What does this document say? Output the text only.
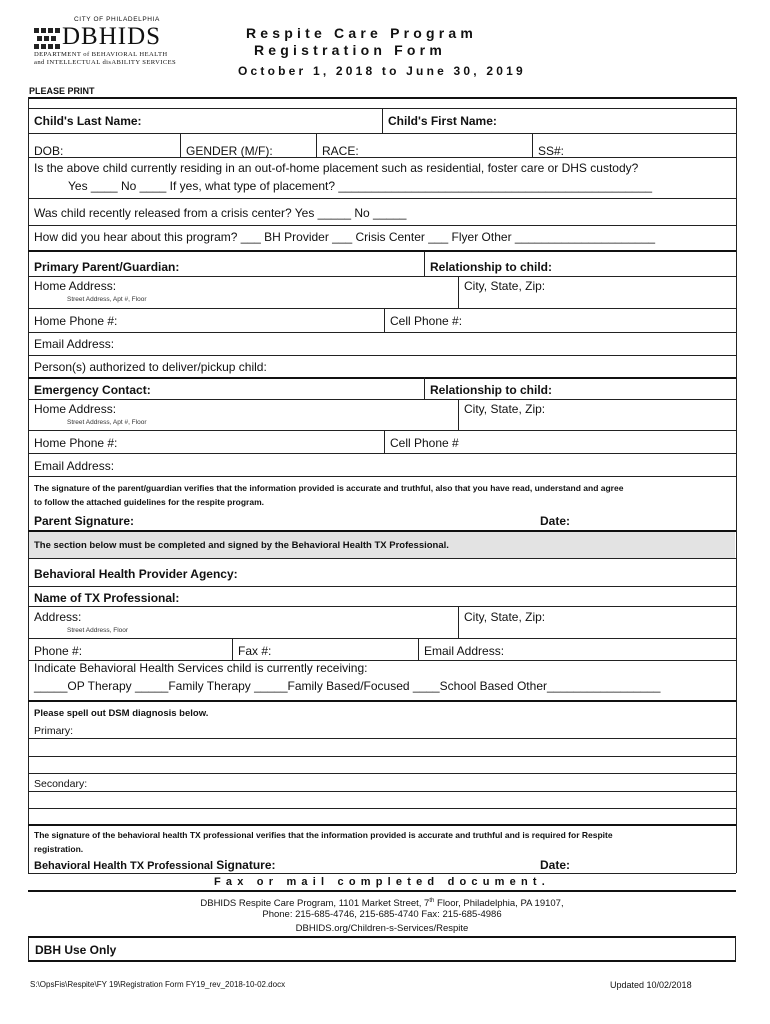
CITY OF PHILADELPHIA
DBHIDS
DEPARTMENT of BEHAVIORAL HEALTH
and INTELLECTUAL disABILITY SERVICES
Respite Care Program
Registration Form
October 1, 2018 to June 30, 2019
PLEASE PRINT
Child's Last Name:	Child's First Name:
DOB:	GENDER (M/F):	RACE:	SS#:
Is the above child currently residing in an out-of-home placement such as residential, foster care or DHS custody?
Yes ____ No ____ If yes, what type of placement? _______________________________________________
Was child recently released from a crisis center? Yes _____ No _____
How did you hear about this program? ___ BH Provider ___ Crisis Center ___ Flyer Other _____________________
Primary Parent/Guardian:	Relationship to child:
Home Address:	City, State, Zip:
Street Address, Apt #, Floor
Home Phone #:	Cell Phone #:
Email Address:
Person(s) authorized to deliver/pickup child:
Emergency Contact:	Relationship to child:
Home Address:	City, State, Zip:
Street Address, Apt #, Floor
Home Phone #:	Cell Phone #
Email Address:
The signature of the parent/guardian verifies that the information provided is accurate and truthful, also that you have read, understand and agree
to follow the attached guidelines for the respite program.
Parent Signature:	Date:
The section below must be completed and signed by the Behavioral Health TX Professional.
Behavioral Health Provider Agency:
Name of TX Professional:
Address:	City, State, Zip:
Street Address, Floor
Phone #:	Fax #:	Email Address:
Indicate Behavioral Health Services child is currently receiving:
_____OP Therapy _____Family Therapy _____Family Based/Focused ____School Based Other_________________
Please spell out DSM diagnosis below.
Primary:
Secondary:
The signature of the behavioral health TX professional verifies that the information provided is accurate and truthful and is required for Respite
registration.
Behavioral Health TX Professional Signature:	Date:
Fax or mail completed document.
DBHIDS Respite Care Program, 1101 Market Street, 7th Floor, Philadelphia, PA 19107,
Phone: 215-685-4746, 215-685-4740 Fax: 215-685-4986
DBHIDS.org/Children-s-Services/Respite
DBH Use Only
S:\OpsFis\Respite\FY 19\Registration Form FY19_rev_2018-10-02.docx	Updated 10/02/2018
